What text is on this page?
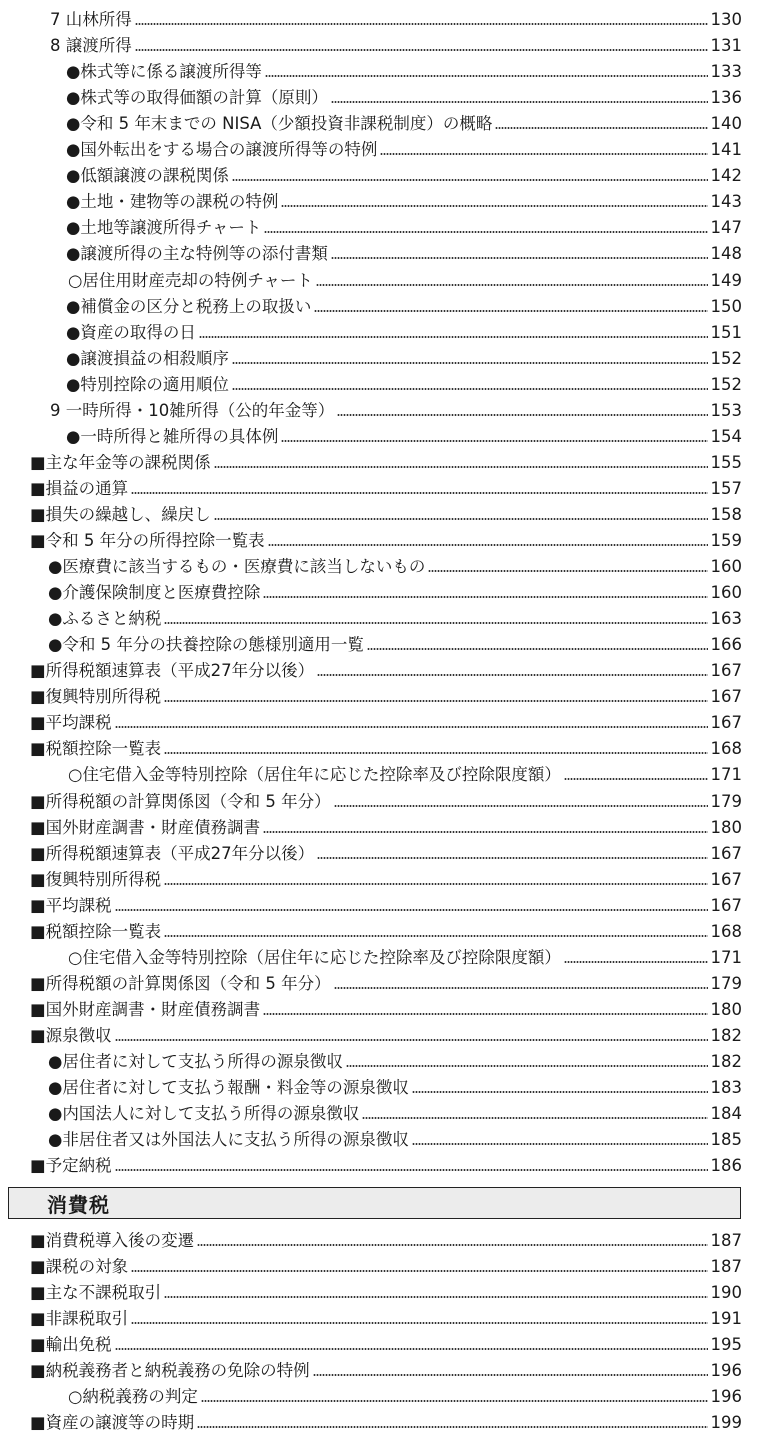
消費税
7 山林所得	130
8 譲渡所得	131
●株式等に係る譲渡所得等	133
●株式等の取得価額の計算（原則）	136
●令和 5 年末までの NISA（少額投資非課税制度）の概略	140
●国外転出をする場合の譲渡所得等の特例	141
●低額譲渡の課税関係	142
●土地・建物等の課税の特例	143
●土地等譲渡所得チャート	147
●譲渡所得の主な特例等の添付書類	148
○居住用財産売却の特例チャート	149
●補償金の区分と税務上の取扱い	150
●資産の取得の日	151
●譲渡損益の相殺順序	152
●特別控除の適用順位	152
9 一時所得・10雑所得（公的年金等）	153
●一時所得と雑所得の具体例	154
■主な年金等の課税関係	155
■損益の通算	157
■損失の繰越し、繰戻し	158
■令和 5 年分の所得控除一覧表	159
●医療費に該当するもの・医療費に該当しないもの	160
●介護保険制度と医療費控除	160
●ふるさと納税	163
●令和 5 年分の扶養控除の態様別適用一覧	166
■所得税額速算表（平成27年分以後）	167
■復興特別所得税	167
■平均課税	167
■税額控除一覧表	168
○住宅借入金等特別控除（居住年に応じた控除率及び控除限度額）	171
■所得税額の計算関係図（令和 5 年分）	179
■国外財産調書・財産債務調書	180
■所得税額速算表（平成27年分以後）	167
■復興特別所得税	167
■平均課税	167
■税額控除一覧表	168
○住宅借入金等特別控除（居住年に応じた控除率及び控除限度額）	171
■所得税額の計算関係図（令和 5 年分）	179
■国外財産調書・財産債務調書	180
■源泉徴収	182
●居住者に対して支払う所得の源泉徴収	182
●居住者に対して支払う報酬・料金等の源泉徴収	183
●内国法人に対して支払う所得の源泉徴収	184
●非居住者又は外国法人に支払う所得の源泉徴収	185
■予定納税	186
■消費税導入後の変遷	187
■課税の対象	187
■主な不課税取引	190
■非課税取引	191
■輸出免税	195
■納税義務者と納税義務の免除の特例	196
○納税義務の判定	196
■資産の譲渡等の時期	199
